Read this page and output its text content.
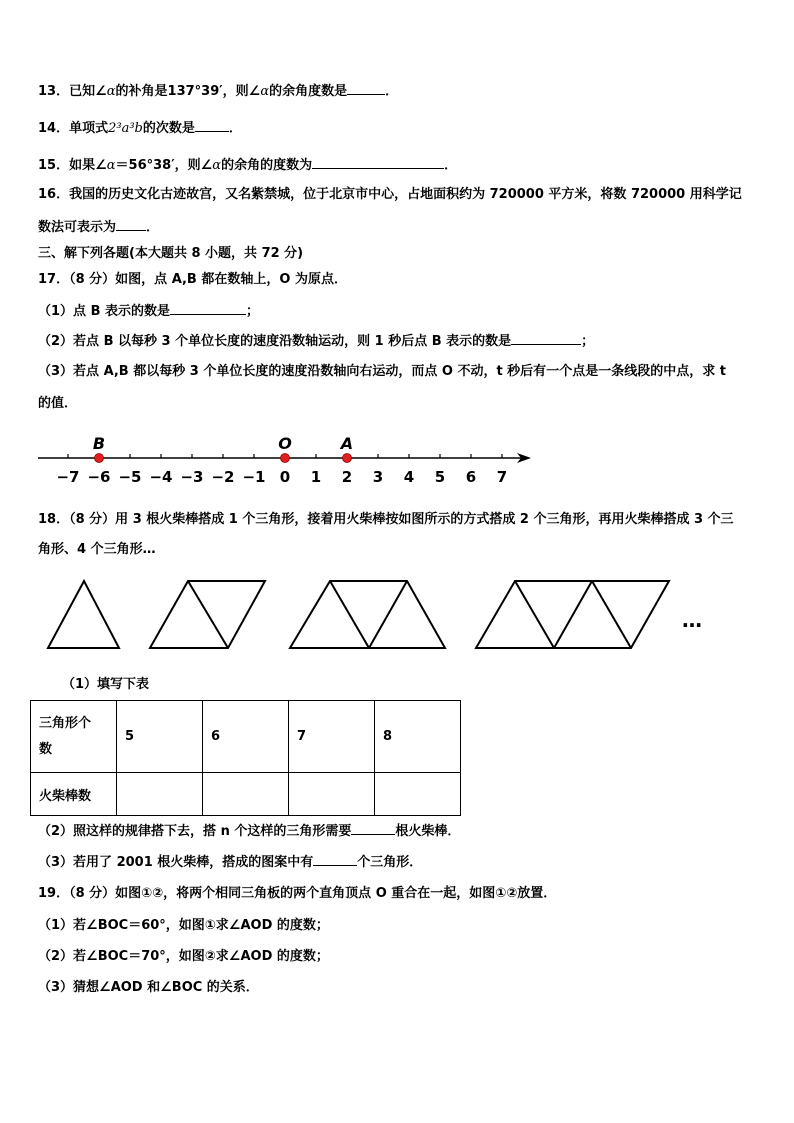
13．已知∠α的补角是137°39′，则∠α的余角度数是	．
14．单项式2³a³b的次数是	．
15．如果∠α＝56°38′，则∠α的余角的度数为	．
16．我国的历史文化古迹故宫，又名紫禁城，位于北京市中心，占地面积约为 720000 平方米，将数 720000 用科学记
数法可表示为 ．
三、解下列各题(本大题共 8 小题，共 72 分)
17．（8 分）如图，点 A,B 都在数轴上，O 为原点．
（1）点 B 表示的数是	；
（2）若点 B 以每秒 3 个单位长度的速度沿数轴运动，则 1 秒后点 B 表示的数是	；
（3）若点 A,B 都以每秒 3 个单位长度的速度沿数轴向右运动，而点 O 不动，t 秒后有一个点是一条线段的中点，求 t
的值．
−7 −6 −5 −4 −3 −2 −1 0 1 2 3 4 5 6 7
B	O	A
18．（8 分）用 3 根火柴棒搭成 1 个三角形，接着用火柴棒按如图所示的方式搭成 2 个三角形，再用火柴棒搭成 3 个三
角形、4 个三角形…
…
（1）填写下表
三角形个
数	5	6	7	8
火柴棒数				
（2）照这样的规律搭下去，搭 n 个这样的三角形需要	根火柴棒．
（3）若用了 2001 根火柴棒，搭成的图案中有	个三角形．
19．（8 分）如图①②，将两个相同三角板的两个直角顶点 O 重合在一起，如图①②放置．
（1）若∠BOC＝60°，如图①求∠AOD 的度数；
（2）若∠BOC＝70°，如图②求∠AOD 的度数；
（3）猜想∠AOD 和∠BOC 的关系．
